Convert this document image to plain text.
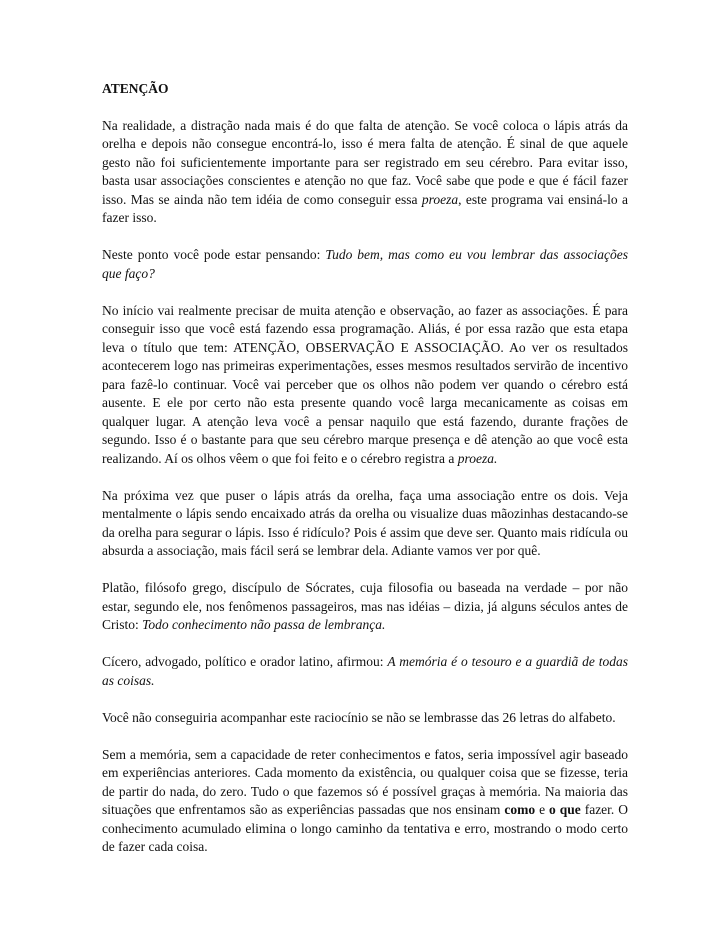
ATENÇÃO

Na realidade, a distração nada mais é do que falta de atenção. Se você coloca o lápis atrás da orelha e depois não consegue encontrá-lo, isso é mera falta de atenção. É sinal de que aquele gesto não foi suficientemente importante para ser registrado em seu cérebro. Para evitar isso, basta usar associações conscientes e atenção no que faz. Você sabe que pode e que é fácil fazer isso. Mas se ainda não tem idéia de como conseguir essa proeza, este programa vai ensiná-lo a fazer isso.

Neste ponto você pode estar pensando: Tudo bem, mas como eu vou lembrar das associações que faço?

No início vai realmente precisar de muita atenção e observação, ao fazer as associações. É para conseguir isso que você está fazendo essa programação. Aliás, é por essa razão que esta etapa leva o título que tem: ATENÇÃO, OBSERVAÇÃO E ASSOCIAÇÃO. Ao ver os resultados acontecerem logo nas primeiras experimentações, esses mesmos resultados servirão de incentivo para fazê-lo continuar. Você vai perceber que os olhos não podem ver quando o cérebro está ausente. E ele por certo não esta presente quando você larga mecanicamente as coisas em qualquer lugar. A atenção leva você a pensar naquilo que está fazendo, durante frações de segundo. Isso é o bastante para que seu cérebro marque presença e dê atenção ao que você esta realizando. Aí os olhos vêem o que foi feito e o cérebro registra a proeza.

Na próxima vez que puser o lápis atrás da orelha, faça uma associação entre os dois. Veja mentalmente o lápis sendo encaixado atrás da orelha ou visualize duas mãozinhas destacando-se da orelha para segurar o lápis. Isso é ridículo? Pois é assim que deve ser. Quanto mais ridícula ou absurda a associação, mais fácil será se lembrar dela. Adiante vamos ver por quê.

Platão, filósofo grego, discípulo de Sócrates, cuja filosofia ou baseada na verdade – por não estar, segundo ele, nos fenômenos passageiros, mas nas idéias – dizia, já alguns séculos antes de Cristo: Todo conhecimento não passa de lembrança.

Cícero, advogado, político e orador latino, afirmou: A memória é o tesouro e a guardiã de todas as coisas.

Você não conseguiria acompanhar este raciocínio se não se lembrasse das 26 letras do alfabeto.

Sem a memória, sem a capacidade de reter conhecimentos e fatos, seria impossível agir baseado em experiências anteriores. Cada momento da existência, ou qualquer coisa que se fizesse, teria de partir do nada, do zero. Tudo o que fazemos só é possível graças à memória. Na maioria das situações que enfrentamos são as experiências passadas que nos ensinam como e o que fazer. O conhecimento acumulado elimina o longo caminho da tentativa e erro, mostrando o modo certo de fazer cada coisa.
